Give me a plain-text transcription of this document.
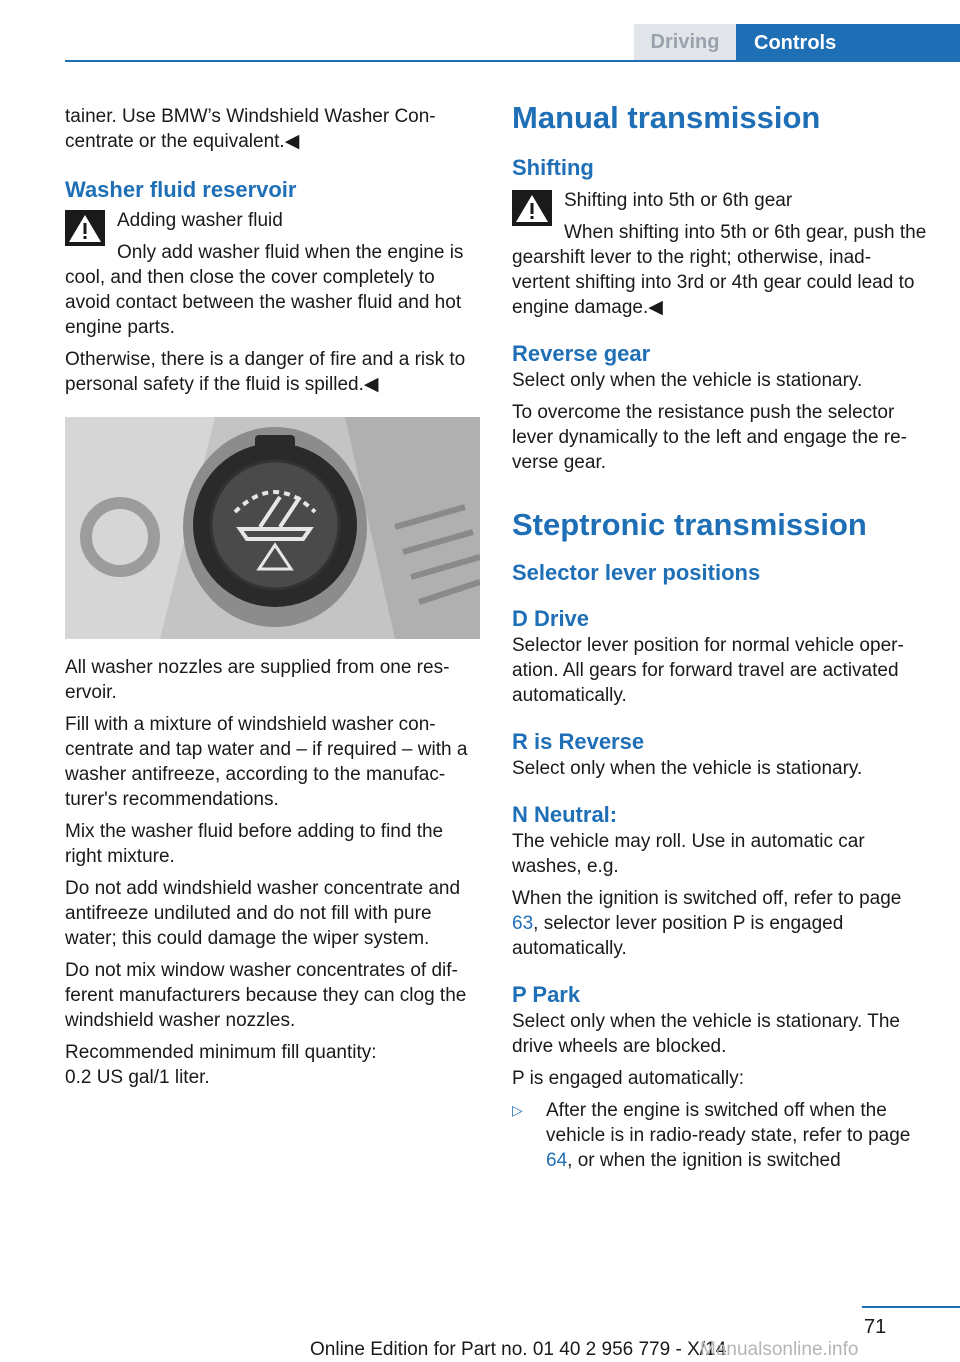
Driving	Controls

tainer. Use BMW’s Windshield Washer Con‐centrate or the equivalent.◀

Washer fluid reservoir

Adding washer fluid

Only add washer fluid when the engine is cool, and then close the cover completely to avoid contact between the washer fluid and hot engine parts.

Otherwise, there is a danger of fire and a risk to personal safety if the fluid is spilled.◀

All washer nozzles are supplied from one res‐ervoir.

Fill with a mixture of windshield washer con‐centrate and tap water and – if required – with a washer antifreeze, according to the manufac‐turer's recommendations.

Mix the washer fluid before adding to find the right mixture.

Do not add windshield washer concentrate and antifreeze undiluted and do not fill with pure water; this could damage the wiper system.

Do not mix window washer concentrates of dif‐ferent manufacturers because they can clog the windshield washer nozzles.

Recommended minimum fill quantity:

0.2 US gal/1 liter.

Manual transmission
Shifting

Shifting into 5th or 6th gear

When shifting into 5th or 6th gear, push the gearshift lever to the right; otherwise, inad‐vertent shifting into 3rd or 4th gear could lead to engine damage.◀

Reverse gear

Select only when the vehicle is stationary.

To overcome the resistance push the selector lever dynamically to the left and engage the re‐verse gear.

Steptronic transmission
Selector lever positions
D Drive

Selector lever position for normal vehicle oper‐ation. All gears for forward travel are activated automatically.

R is Reverse

Select only when the vehicle is stationary.

N Neutral:

The vehicle may roll. Use in automatic car washes, e.g.

When the ignition is switched off, refer to page 63, selector lever position P is engaged automatically.

P Park

Select only when the vehicle is stationary. The drive wheels are blocked.

P is engaged automatically:

▷	After the engine is switched off when the vehicle is in radio-ready state, refer to page 64, or when the ignition is switched
71
Online Edition for Part no. 01 40 2 956 779 - X/14
Manualsonline.info
